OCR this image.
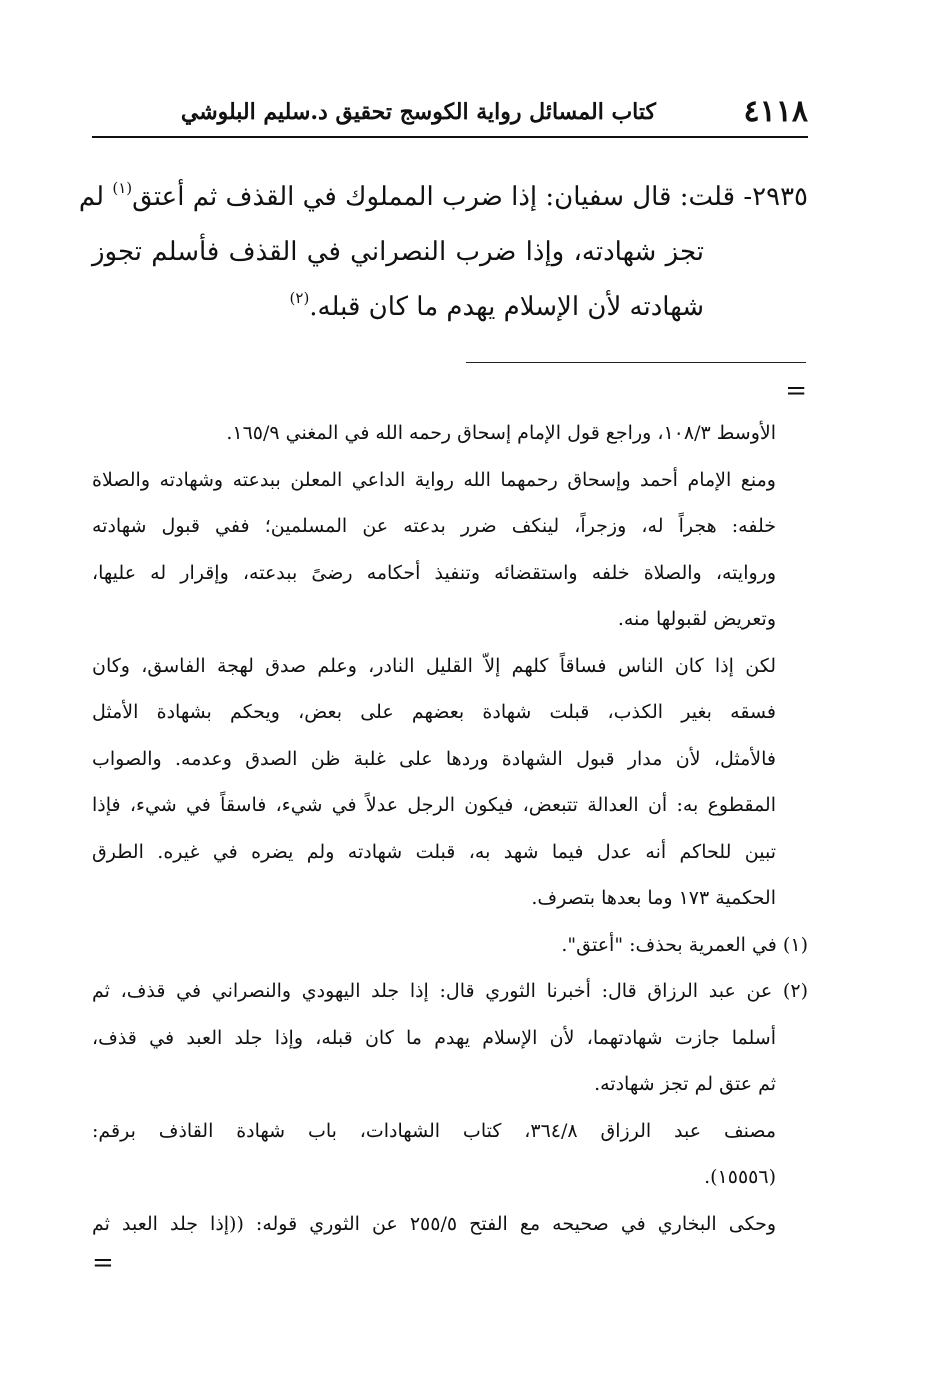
٤١١٨
كتاب المسائل رواية الكوسج تحقيق د.سليم البلوشي
٢٩٣٥- قلت: قال سفيان: إذا ضرب المملوك في القذف ثم أعتق$^{(١)}$ لم
تجز شهادته، وإذا ضرب النصراني في القذف فأسلم تجوز
شهادته لأن الإسلام يهدم ما كان قبله.$^{(٢)}$
=
الأوسط ١٠٨/٣، وراجع قول الإمام إسحاق رحمه الله في المغني ١٦٥/٩.
ومنع الإمام أحمد وإسحاق رحمهما الله رواية الداعي المعلن ببدعته وشهادته والصلاة
خلفه: هجراً له، وزجراً، لينكف ضرر بدعته عن المسلمين؛ ففي قبول شهادته
وروايته، والصلاة خلفه واستقضائه وتنفيذ أحكامه رضىً ببدعته، وإقرار له عليها،
وتعريض لقبولها منه.
لكن إذا كان الناس فساقاً كلهم إلاّ القليل النادر، وعلم صدق لهجة الفاسق، وكان
فسقه بغير الكذب، قبلت شهادة بعضهم على بعض، ويحكم بشهادة الأمثل
فالأمثل، لأن مدار قبول الشهادة وردها على غلبة ظن الصدق وعدمه. والصواب
المقطوع به: أن العدالة تتبعض، فيكون الرجل عدلاً في شيء، فاسقاً في شيء، فإذا
تبين للحاكم أنه عدل فيما شهد به، قبلت شهادته ولم يضره في غيره. الطرق
الحكمية ١٧٣ وما بعدها بتصرف.
(١) في العمرية بحذف: "أعتق".
(٢) عن عبد الرزاق قال: أخبرنا الثوري قال: إذا جلد اليهودي والنصراني في قذف، ثم
أسلما جازت شهادتهما، لأن الإسلام يهدم ما كان قبله، وإذا جلد العبد في قذف،
ثم عتق لم تجز شهادته.
مصنف عبد الرزاق ٣٦٤/٨، كتاب الشهادات، باب شهادة القاذف برقم:
(١٥٥٥٦).
وحكى البخاري في صحيحه مع الفتح ٢٥٥/٥ عن الثوري قوله: ((إذا جلد العبد ثم
=
